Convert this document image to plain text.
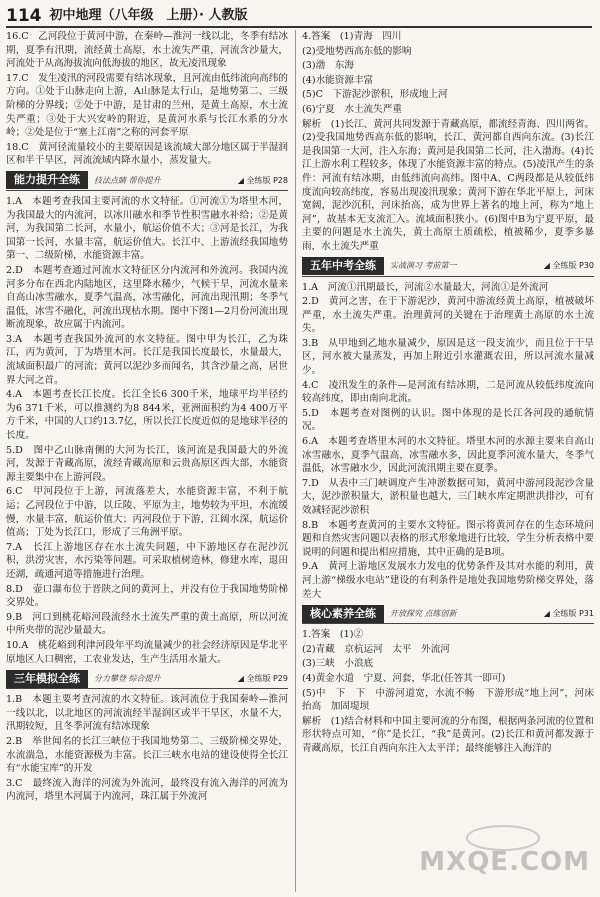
114 初中地理（八年级　上册）· 人教版

16.C　乙河段位于黄河中游，在秦岭—淮河一线以北，冬季有结冰期，夏季有汛期，流经黄土高原，水土流失严重，河流含沙量大，河流处于从高海拔流向低海拔的地区，故无凌汛现象

17.C　发生凌汛的河段需要有结冰现象，且河流由低纬流向高纬的方向。①处于山脉走向上游，A山脉是太行山，是地势第二、三级阶梯的分界线；②处于中游，是甘肃的兰州，是黄土高原，水土流失严重；③处于大兴安岭的附近，是黄河水系与长江水系的分水岭；②处是位于“塞上江南”之称的河套平原

18.C　黄河径流量较小的主要原因是该流域大部分地区属于半湿润区和半干旱区，河流流域内降水量小，蒸发量大。

能力提升全练	技法点睛 帮你提升	◢ 全练版 P28

1.A　本题考查我国主要河流的水文特征。①河流①为塔里木河，为我国最大的内流河，以冰川融水和季节性积雪融水补给；②是黄河，为我国第二长河，水量小，航运价值不大；③河是长江，为我国第一长河，水量丰富，航运价值大。长江中、上游流经我国地势第一、二级阶梯，水能资源丰富。

2.D　本题考查通过河流水文特征区分内流河和外流河。我国内流河多分布在西北内陆地区，这里降水稀少，气候干旱，河流水量来自高山冰雪融水，夏季气温高，冰雪融化，河流出现汛期；冬季气温低，冰雪不融化，河流出现枯水期。图中下图1—2月份河流出现断流现象，故应属于内流河。

3.A　本题考查我国外流河的水文特征。图中甲为长江，乙为珠江，丙为黄河，丁为塔里木河。长江是我国长度最长，水量最大，流域面积最广的河流；黄河以泥沙多而闻名，其含沙量之高，居世界大河之首。

4.A　本题考查长江长度。长江全长6 300千米，地球平均半径约为6 371千米，可以推测约为8 844米，亚洲面积约为4 400万平方千米，中国的人口约13.7亿，所以长江长度近似的是地球半径的长度。

5.D　图中乙山脉南侧的大河为长江，该河流是我国最大的外流河，发源于青藏高原，流经青藏高原和云贵高原区西大部，水能资源主要集中在上游河段。

6.C　甲河段位于上游，河流落差大，水能资源丰富，不利于航运；乙河段位于中游，以丘陵、平原为主，地势较为平坦，水流缓慢，水量丰富，航运价值大；丙河段位于下游，江阔水深，航运价值高；丁处为长江口，形成了三角洲平原。

7.A　长江上游地区存在水土流失问题，中下游地区存在泥沙沉积，洪涝灾害，水污染等问题。可采取植树造林，修建水库，退田还湖，疏通河道等措施进行治理。

8.D　壶口瀑布位于晋陕之间的黄河上，并没有位于我国地势阶梯交界处。

9.B　河口到桃花峪河段流经水土流失严重的黄土高原，所以河流中所夹带的泥沙量最大。

10.A　桃花峪到利津河段年平均流量减少的社会经济原因是华北平原地区人口稠密，工农业发达，生产生活用水量大。

三年模拟全练	分力攀登 综合提升	◢ 全练版 P29

1.B　本题主要考查河流的水文特征。该河流位于我国秦岭—淮河一线以北，以北地区的河流流经半湿润区或半干旱区，水量不大，汛期较短，且冬季河流有结冰现象

2.B　举世闻名的长江三峡位于我国地势第二、三级阶梯交界处，水流湍急，水能资源极为丰富。长江三峡水电站的建设使得全长江有“水能宝库”的开发

3.C　最终流入海洋的河流为外流河，最终没有流入海洋的河流为内流河，塔里木河属于内流河，珠江属于外流河

4.答案　(1)青海　四川

(2)受地势西高东低的影响

(3)渤　东海

(4)水能资源丰富

(5)C　下游泥沙淤积，形成地上河

(6)宁夏　水土流失严重

解析　(1)长江、黄河共同发源于青藏高原，都流经青海、四川两省。(2)受我国地势西高东低的影响，长江、黄河都自西向东流。(3)长江是我国第一大河，注入东海；黄河是我国第二长河，注入渤海。(4)长江上游水利工程较多，体现了水能资源丰富的特点。(5)凌汛产生的条件：河流有结冰期，由低纬流向高纬。图中A、C两段都是从较低纬度流向较高纬度，容易出现凌汛现象；黄河下游在华北平原上，河床宽阔，泥沙沉积，河床抬高，成为世界上著名的地上河，称为“地上河”，故基本无支流汇入。流域面积狭小。(6)图中B为宁夏平原，最主要的问题是水土流失，黄土高原土质疏松，植被稀少，夏季多暴雨，水土流失严重

五年中考全练	实战演习 考前第一	◢ 全练版 P30

1.A　河流①汛期最长，河流②水量最大，河流①是外流河

2.D　黄河之害，在于下游泥沙，黄河中游流经黄土高原，植被破坏严重，水土流失严重。治理黄河的关键在于治理黄土高原的水土流失。

3.B　从甲地到乙地水量减少，原因是这一段支流少，而且位于干旱区，河水被大量蒸发，再加上附近引水灌溉农田，所以河流水量减少。

4.C　凌汛发生的条件—是河流有结冰期，二是河流从较低纬度流向较高纬度，即由南向北流。

5.D　本题考查对图例的认识。图中体现的是长江各河段的通航情况。

6.A　本题考查塔里木河的水文特征。塔里木河的水源主要来自高山冰雪融水，夏季气温高，冰雪融水多，因此夏季河流水量大，冬季气温低，冰雪融水少，因此河流汛期主要在夏季。

7.D　从表中三门峡调度产生冲淤数据可知，黄河中游河段泥沙含量大，泥沙淤积量大，淤积量也越大，三门峡水库定期泄洪排沙，可有效减轻泥沙淤积

8.B　本题考查黄河的主要水文特征。图示将黄河存在的生态环境问题和自然灾害问题以表格的形式形象地进行比较，学生分析表格中要说明的问题和提出相应措施，其中正确的是B项。

9.A　黄河上游地区发展水力发电的优势条件及其对水能的利用，黄河上游“梯级水电站”建设的有利条件是地处我国地势阶梯交界处，落差大

核心素养全练	开放探究 点练创新	◢ 全练版 P31

1.答案　(1)②

(2)青藏　京杭运河　太平　外流河

(3)三峡　小浪底

(4)黄金水道　宁夏、河套，华北(任答其一即可)

(5)中　下　下　中游河道宽，水流不畅　下游形成“地上河”，河床抬高　加固堤坝

解析　(1)结合材料和中国主要河流的分布图，根据两条河流的位置和形状特点可知，“你”是长江，“我”是黄河。(2)长江和黄河都发源于青藏高原，长江自西向东注入太平洋；最终能够注入海洋的

MXQE.COM
